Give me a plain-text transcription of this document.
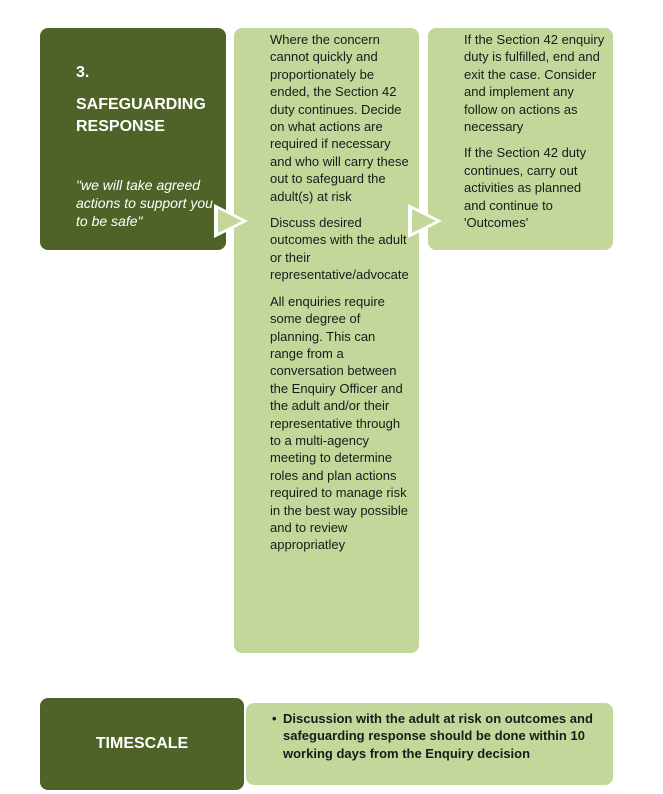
3.
SAFEGUARDING RESPONSE
"we will take agreed actions to support you to be safe"

Where the concern cannot quickly and proportionately be ended, the Section 42 duty continues. Decide on what actions are required if necessary and who will carry these out to safeguard the adult(s) at risk

Discuss desired outcomes with the adult or their representative/advocate

All enquiries require some degree of planning. This can range from a conversation between the Enquiry Officer and the adult and/or their representative through to a multi-agency meeting to determine roles and plan actions required to manage risk in the best way possible and to review appropriatley

If the Section 42 enquiry duty is fulfilled, end and exit the case. Consider and implement any follow on actions as necessary

If the Section 42 duty continues, carry out activities as planned and continue to 'Outcomes'

TIMESCALE
• Discussion with the adult at risk on outcomes and safeguarding response should be done within 10 working days from the Enquiry decision
